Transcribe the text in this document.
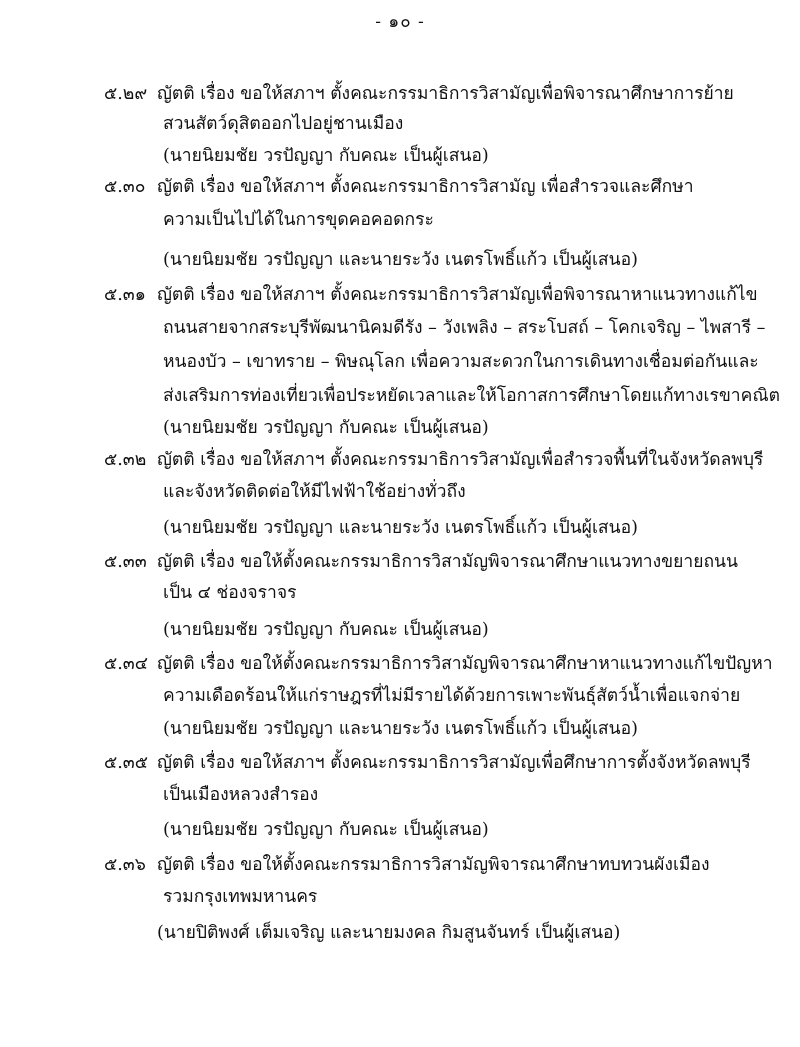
- ๑๐ -
๕.๒๙ ญัตติ เรื่อง ขอให้สภาฯ ตั้งคณะกรรมาธิการวิสามัญเพื่อพิจารณาศึกษาการย้าย
สวนสัตว์ดุสิตออกไปอยู่ชานเมือง
(นายนิยมชัย วรปัญญา กับคณะ เป็นผู้เสนอ)
๕.๓๐ ญัตติ เรื่อง ขอให้สภาฯ ตั้งคณะกรรมาธิการวิสามัญ เพื่อสำรวจและศึกษา
ความเป็นไปได้ในการขุดคอคอดกระ
(นายนิยมชัย วรปัญญา และนายระวัง เนตรโพธิ์แก้ว เป็นผู้เสนอ)
๕.๓๑ ญัตติ เรื่อง ขอให้สภาฯ ตั้งคณะกรรมาธิการวิสามัญเพื่อพิจารณาหาแนวทางแก้ไข
ถนนสายจากสระบุรีพัฒนานิคมดีรัง – วังเพลิง – สระโบสถ์ – โคกเจริญ – ไพสารี –
หนองบัว – เขาทราย – พิษณุโลก เพื่อความสะดวกในการเดินทางเชื่อมต่อกันและ
ส่งเสริมการท่องเที่ยวเพื่อประหยัดเวลาและให้โอกาสการศึกษาโดยแก้ทางเรขาคณิต
(นายนิยมชัย วรปัญญา กับคณะ เป็นผู้เสนอ)
๕.๓๒ ญัตติ เรื่อง ขอให้สภาฯ ตั้งคณะกรรมาธิการวิสามัญเพื่อสำรวจพื้นที่ในจังหวัดลพบุรี
และจังหวัดติดต่อให้มีไฟฟ้าใช้อย่างทั่วถึง
(นายนิยมชัย วรปัญญา และนายระวัง เนตรโพธิ์แก้ว เป็นผู้เสนอ)
๕.๓๓ ญัตติ เรื่อง ขอให้ตั้งคณะกรรมาธิการวิสามัญพิจารณาศึกษาแนวทางขยายถนน
เป็น ๔ ช่องจราจร
(นายนิยมชัย วรปัญญา กับคณะ เป็นผู้เสนอ)
๕.๓๔ ญัตติ เรื่อง ขอให้ตั้งคณะกรรมาธิการวิสามัญพิจารณาศึกษาหาแนวทางแก้ไขปัญหา
ความเดือดร้อนให้แก่ราษฎรที่ไม่มีรายได้ด้วยการเพาะพันธุ์สัตว์น้ำเพื่อแจกจ่าย
(นายนิยมชัย วรปัญญา และนายระวัง เนตรโพธิ์แก้ว เป็นผู้เสนอ)
๕.๓๕ ญัตติ เรื่อง ขอให้สภาฯ ตั้งคณะกรรมาธิการวิสามัญเพื่อศึกษาการตั้งจังหวัดลพบุรี
เป็นเมืองหลวงสำรอง
(นายนิยมชัย วรปัญญา กับคณะ เป็นผู้เสนอ)
๕.๓๖ ญัตติ เรื่อง ขอให้ตั้งคณะกรรมาธิการวิสามัญพิจารณาศึกษาทบทวนผังเมือง
รวมกรุงเทพมหานคร
(นายปิติพงศ์ เต็มเจริญ และนายมงคล กิมสูนจันทร์ เป็นผู้เสนอ)
